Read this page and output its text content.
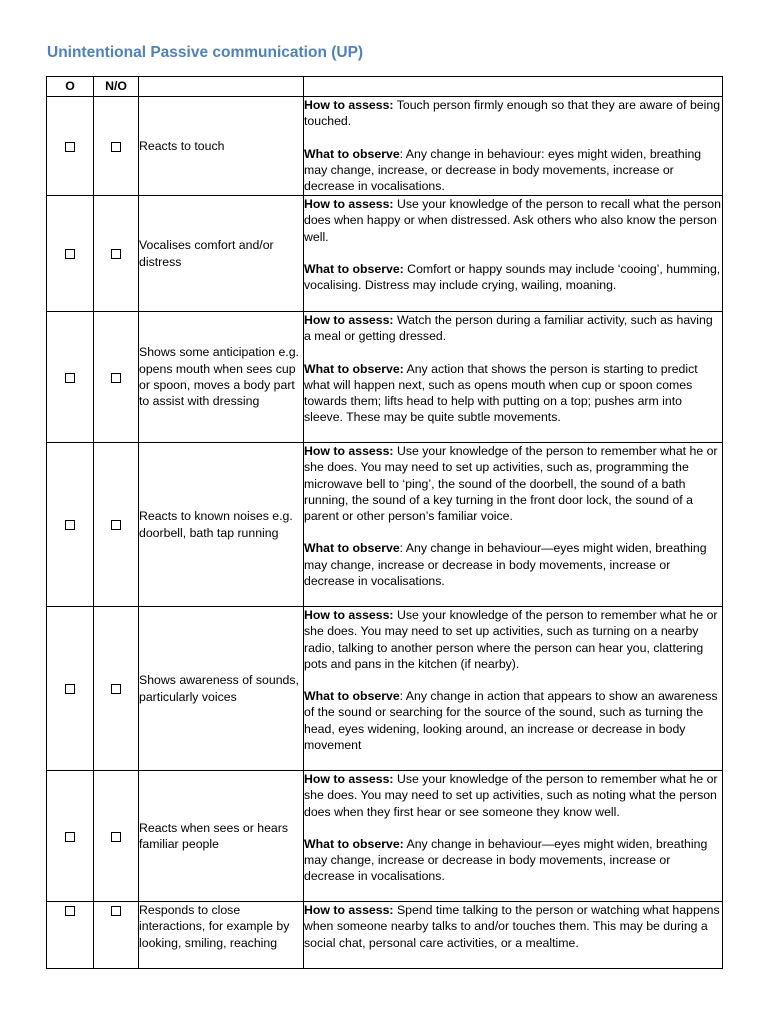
Unintentional Passive communication (UP)
O	N/O		
		Reacts to touch	How to assess: Touch person firmly enough so that they are aware of being touched.

What to observe: Any change in behaviour: eyes might widen, breathing may change, increase, or decrease in body movements, increase or decrease in vocalisations.

		Vocalises comfort and/or distress	How to assess: Use your knowledge of the person to recall what the person does when happy or when distressed. Ask others who also know the person well.

What to observe: Comfort or happy sounds may include ‘cooing’, humming, vocalising. Distress may include crying, wailing, moaning.

		Shows some anticipation e.g. opens mouth when sees cup or spoon, moves a body part to assist with dressing	How to assess: Watch the person during a familiar activity, such as having a meal or getting dressed.

What to observe: Any action that shows the person is starting to predict what will happen next, such as opens mouth when cup or spoon comes towards them; lifts head to help with putting on a top; pushes arm into sleeve. These may be quite subtle movements.

		Reacts to known noises e.g. doorbell, bath tap running	How to assess: Use your knowledge of the person to remember what he or she does. You may need to set up activities, such as, programming the microwave bell to ‘ping’, the sound of the doorbell, the sound of a bath running, the sound of a key turning in the front door lock, the sound of a parent or other person’s familiar voice.

What to observe: Any change in behaviour—eyes might widen, breathing may change, increase or decrease in body movements, increase or decrease in vocalisations.

		Shows awareness of sounds, particularly voices	How to assess: Use your knowledge of the person to remember what he or she does. You may need to set up activities, such as turning on a nearby radio, talking to another person where the person can hear you, clattering pots and pans in the kitchen (if nearby).

What to observe: Any change in action that appears to show an awareness of the sound or searching for the source of the sound, such as turning the head, eyes widening, looking around, an increase or decrease in body movement

		Reacts when sees or hears familiar people	How to assess: Use your knowledge of the person to remember what he or she does. You may need to set up activities, such as noting what the person does when they first hear or see someone they know well.

What to observe: Any change in behaviour—eyes might widen, breathing may change, increase or decrease in body movements, increase or decrease in vocalisations.

		Responds to close interactions, for example by looking, smiling, reaching	How to assess: Spend time talking to the person or watching what happens when someone nearby talks to and/or touches them. This may be during a social chat, personal care activities, or a mealtime.
